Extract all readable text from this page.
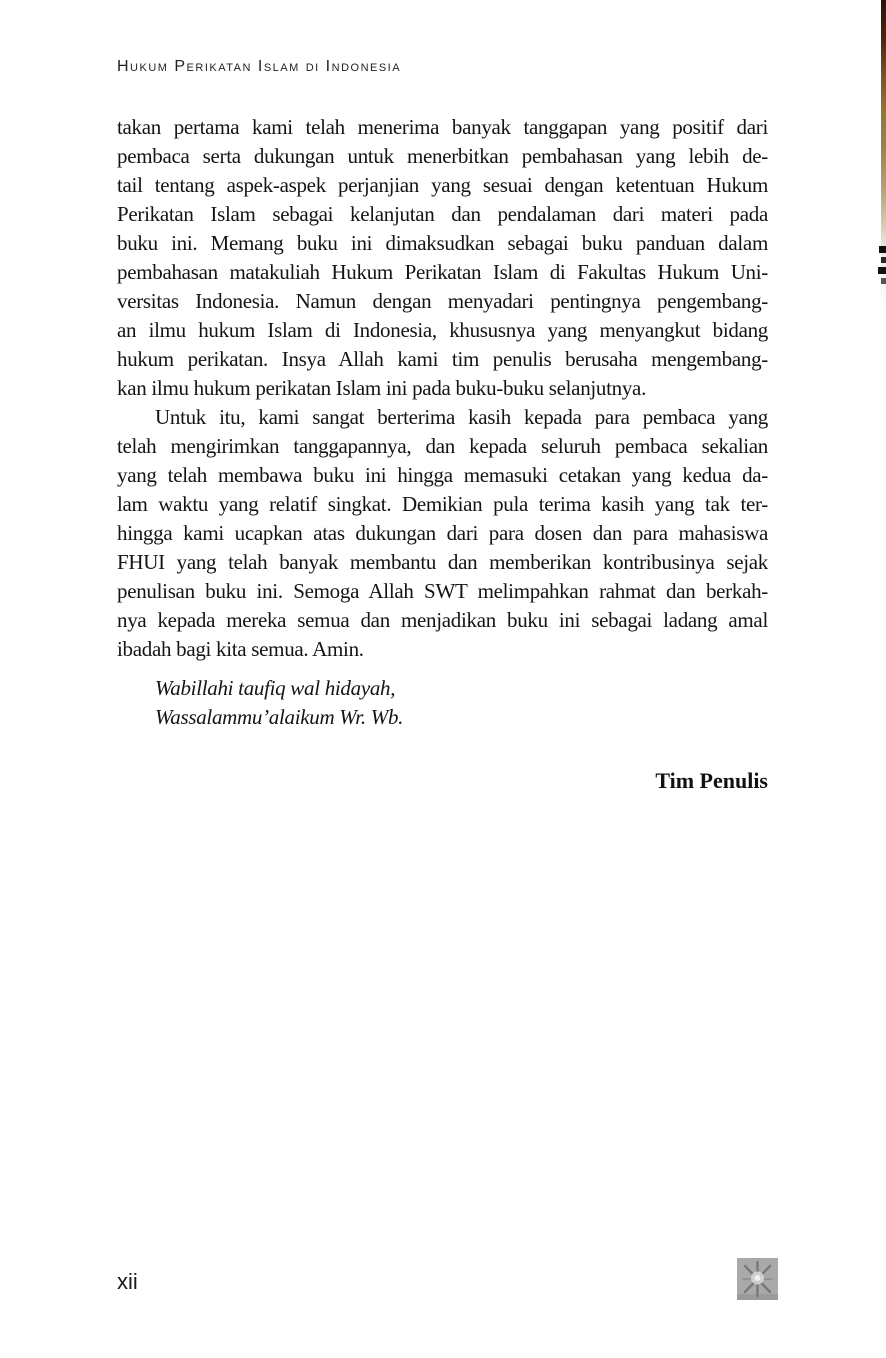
Hukum Perikatan Islam di Indonesia
takan pertama kami telah menerima banyak tanggapan yang positif dari
pembaca serta dukungan untuk menerbitkan pembahasan yang lebih de-
tail tentang aspek-aspek perjanjian yang sesuai dengan ketentuan Hukum
Perikatan Islam sebagai kelanjutan dan pendalaman dari materi pada
buku ini. Memang buku ini dimaksudkan sebagai buku panduan dalam
pembahasan matakuliah Hukum Perikatan Islam di Fakultas Hukum Uni-
versitas Indonesia. Namun dengan menyadari pentingnya pengembang-
an ilmu hukum Islam di Indonesia, khususnya yang menyangkut bidang
hukum perikatan. Insya Allah kami tim penulis berusaha mengembang-
kan ilmu hukum perikatan Islam ini pada buku-buku selanjutnya.
Untuk itu, kami sangat berterima kasih kepada para pembaca yang
telah mengirimkan tanggapannya, dan kepada seluruh pembaca sekalian
yang telah membawa buku ini hingga memasuki cetakan yang kedua da-
lam waktu yang relatif singkat. Demikian pula terima kasih yang tak ter-
hingga kami ucapkan atas dukungan dari para dosen dan para mahasiswa
FHUI yang telah banyak membantu dan memberikan kontribusinya sejak
penulisan buku ini. Semoga Allah SWT melimpahkan rahmat dan berkah-
nya kepada mereka semua dan menjadikan buku ini sebagai ladang amal
ibadah bagi kita semua. Amin.
Wabillahi taufiq wal hidayah,
Wassalammu’alaikum Wr. Wb.
Tim Penulis
xii
